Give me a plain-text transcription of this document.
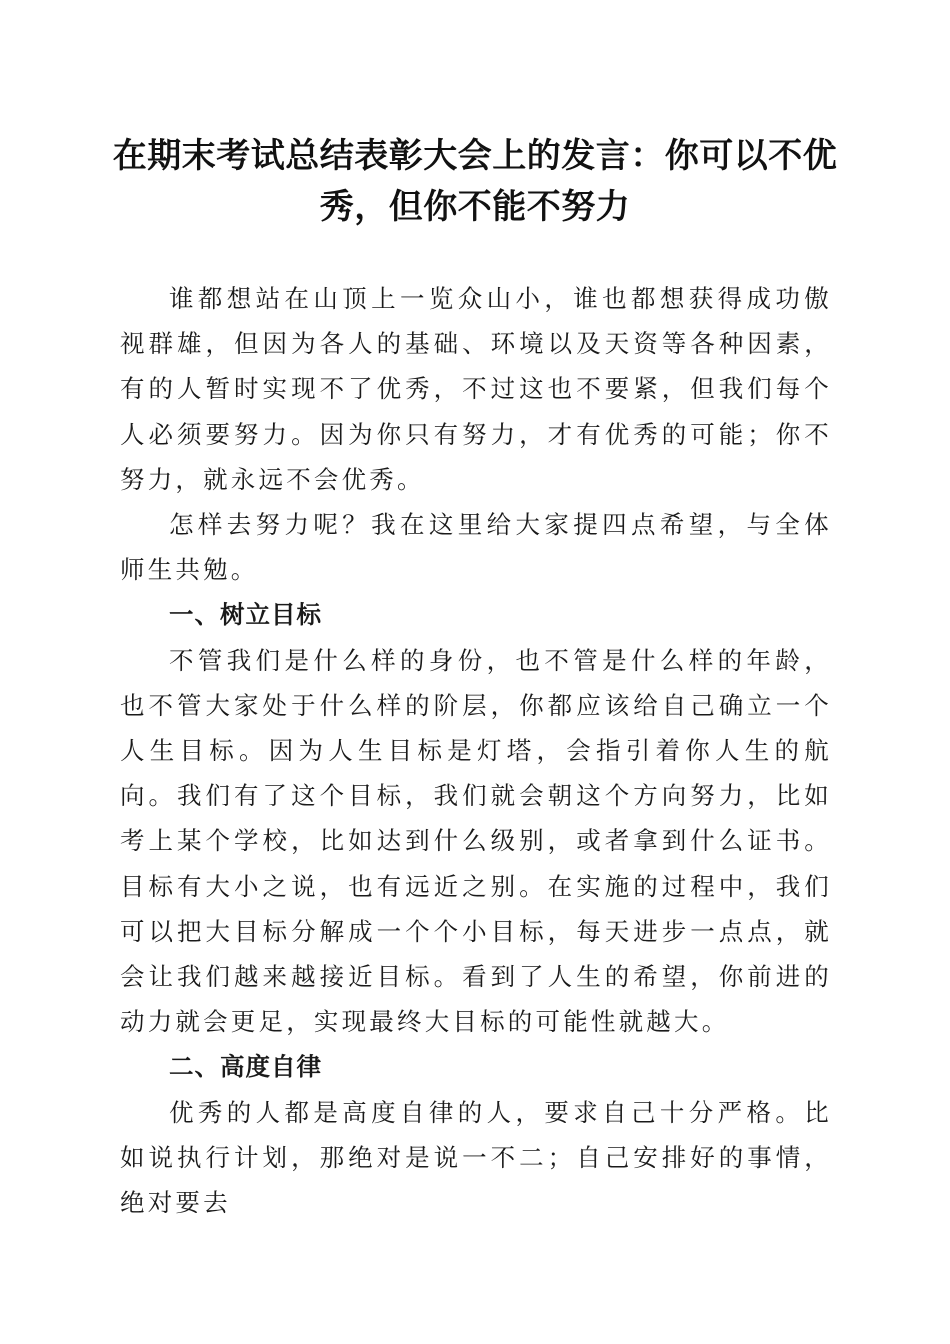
在期末考试总结表彰大会上的发言：你可以不优秀，但你不能不努力

谁都想站在山顶上一览众山小，谁也都想获得成功傲视群雄，但因为各人的基础、环境以及天资等各种因素，有的人暂时实现不了优秀，不过这也不要紧，但我们每个人必须要努力。因为你只有努力，才有优秀的可能；你不努力，就永远不会优秀。

怎样去努力呢？我在这里给大家提四点希望，与全体师生共勉。

一、树立目标

不管我们是什么样的身份，也不管是什么样的年龄，也不管大家处于什么样的阶层，你都应该给自己确立一个人生目标。因为人生目标是灯塔，会指引着你人生的航向。我们有了这个目标，我们就会朝这个方向努力，比如考上某个学校，比如达到什么级别，或者拿到什么证书。目标有大小之说，也有远近之别。在实施的过程中，我们可以把大目标分解成一个个小目标，每天进步一点点，就会让我们越来越接近目标。看到了人生的希望，你前进的动力就会更足，实现最终大目标的可能性就越大。

二、高度自律

优秀的人都是高度自律的人，要求自己十分严格。比如说执行计划，那绝对是说一不二；自己安排好的事情，绝对要去
